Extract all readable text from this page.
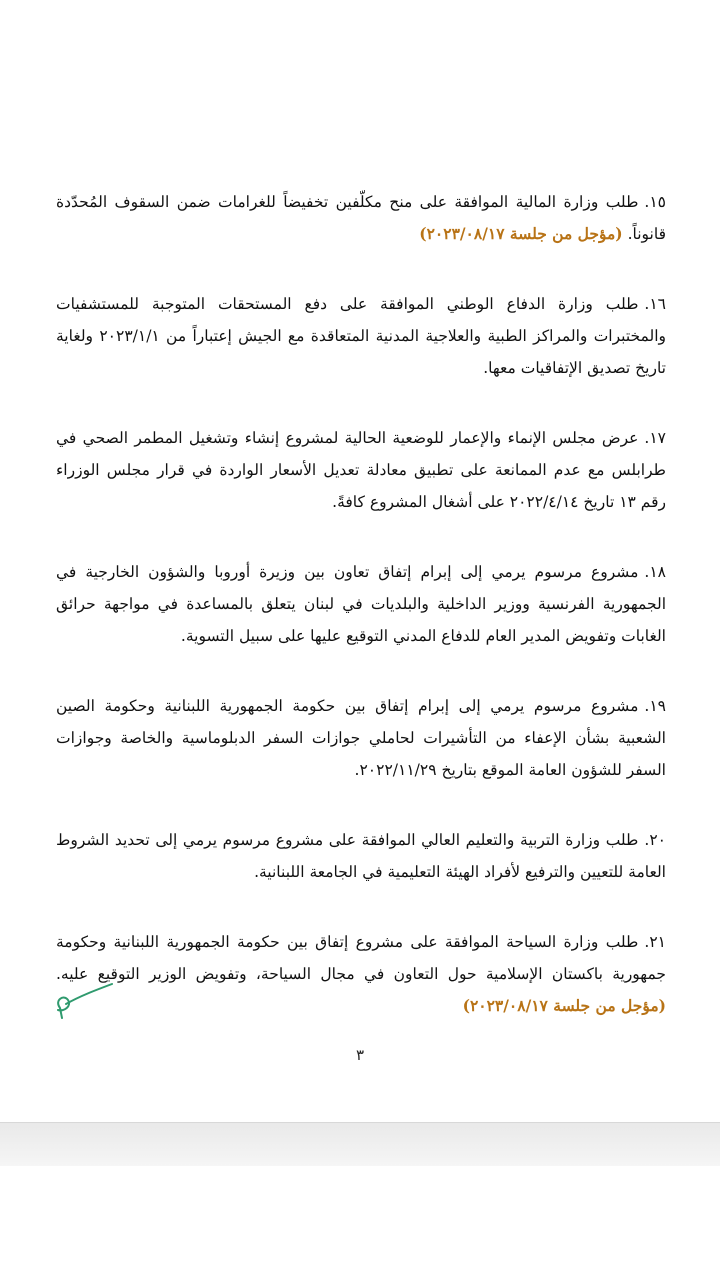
١٥.طلب وزارة المالية الموافقة على منح مكلّفين تخفيضاً للغرامات ضمن السقوف المُحدّدة قانوناً. (مؤجل من جلسة ٢٠٢٣/٠٨/١٧)

١٦.طلب وزارة الدفاع الوطني الموافقة على دفع المستحقات المتوجبة للمستشفيات والمختبرات والمراكز الطبية والعلاجية المدنية المتعاقدة مع الجيش إعتباراً من ٢٠٢٣/١/١ ولغاية تاريخ تصديق الإتفاقيات معها.

١٧.عرض مجلس الإنماء والإعمار للوضعية الحالية لمشروع إنشاء وتشغيل المطمر الصحي في طرابلس مع عدم الممانعة على تطبيق معادلة تعديل الأسعار الواردة في قرار مجلس الوزراء رقم ١٣ تاريخ ٢٠٢٢/٤/١٤ على أشغال المشروع كافةً.

١٨.مشروع مرسوم يرمي إلى إبرام إتفاق تعاون بين وزيرة أوروبا والشؤون الخارجية في الجمهورية الفرنسية ووزير الداخلية والبلديات في لبنان يتعلق بالمساعدة في مواجهة حرائق الغابات وتفويض المدير العام للدفاع المدني التوقيع عليها على سبيل التسوية.

١٩.مشروع مرسوم يرمي إلى إبرام إتفاق بين حكومة الجمهورية اللبنانية وحكومة الصين الشعبية بشأن الإعفاء من التأشيرات لحاملي جوازات السفر الدبلوماسية والخاصة وجوازات السفر للشؤون العامة الموقع بتاريخ ٢٠٢٢/١١/٢٩.

٢٠.طلب وزارة التربية والتعليم العالي الموافقة على مشروع مرسوم يرمي إلى تحديد الشروط العامة للتعيين والترفيع لأفراد الهيئة التعليمية في الجامعة اللبنانية.

٢١.طلب وزارة السياحة الموافقة على مشروع إتفاق بين حكومة الجمهورية اللبنانية وحكومة جمهورية باكستان الإسلامية حول التعاون في مجال السياحة، وتفويض الوزير التوقيع عليه. (مؤجل من جلسة ٢٠٢٣/٠٨/١٧)

٣
